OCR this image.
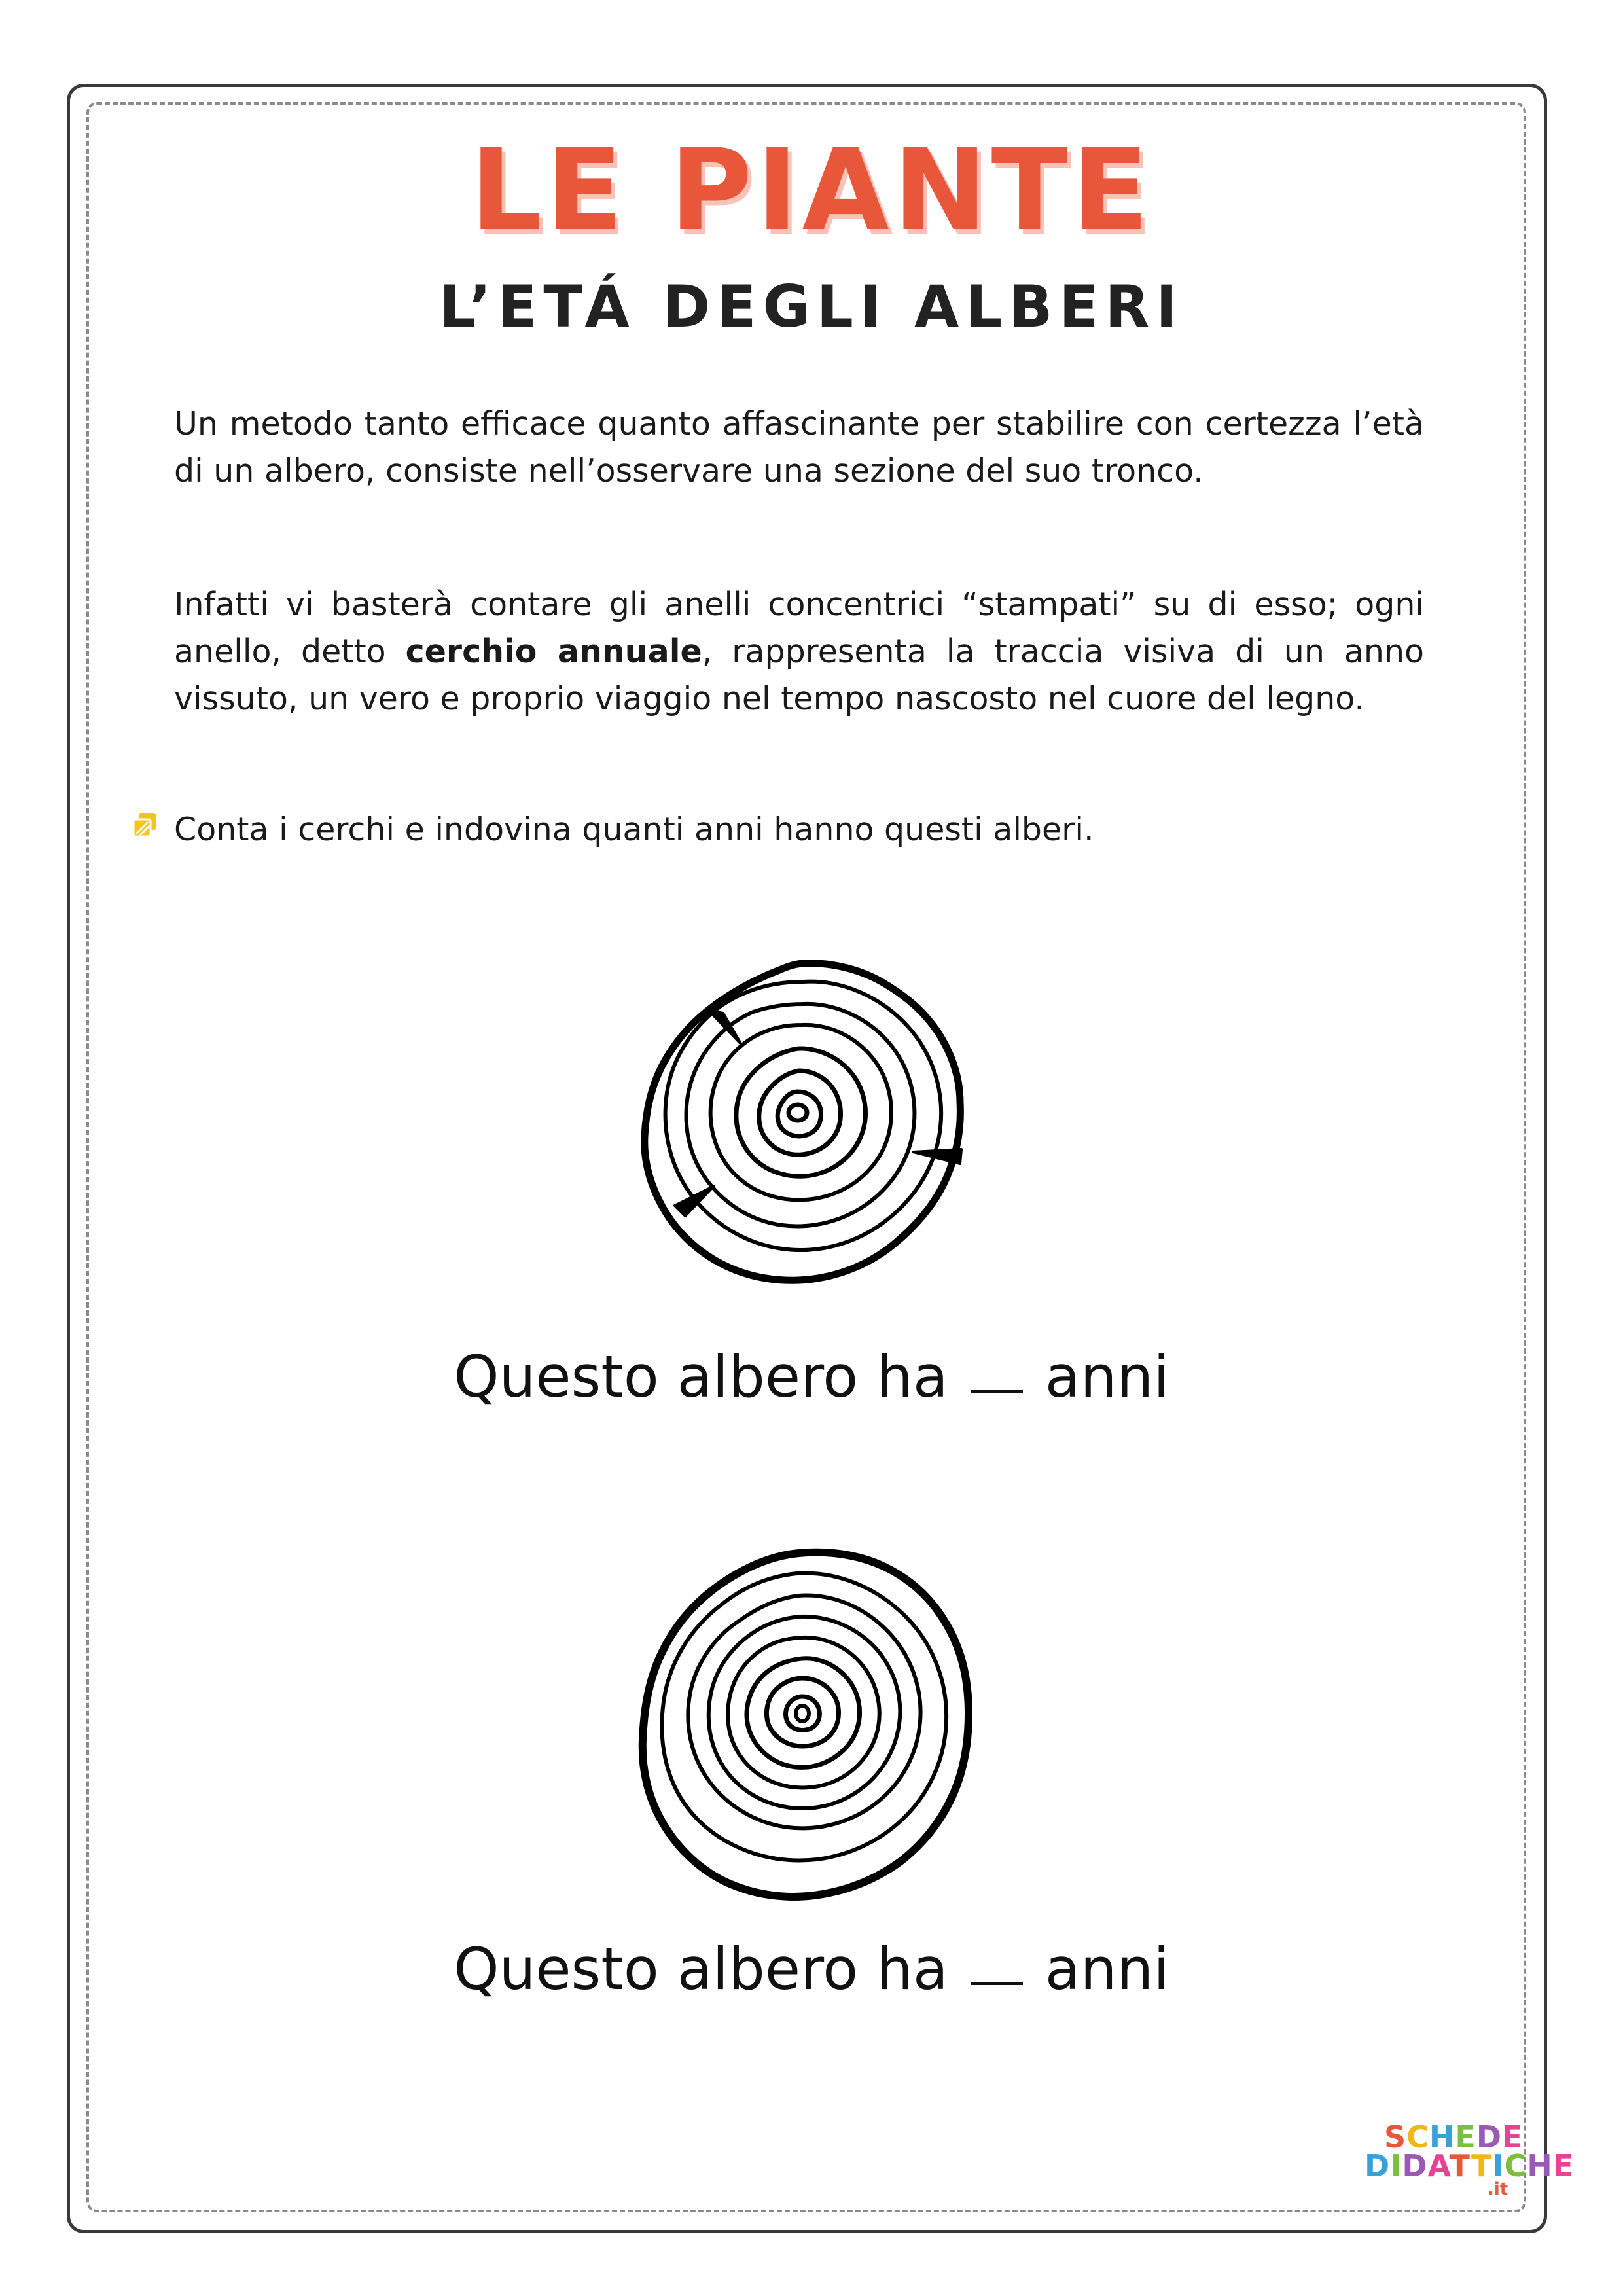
LE PIANTE
L’ETÁ DEGLI ALBERI

Un metodo tanto efficace quanto affascinante per stabilire con certezza l’età di un albero, consiste nell’osservare una sezione del suo tronco.

Infatti vi basterà contare gli anelli concentrici “stampati” su di esso; ogni anello, detto cerchio annuale, rappresenta la traccia visiva di un anno vissuto, un vero e proprio viaggio nel tempo nascosto nel cuore del legno.

Conta i cerchi e indovina quanti anni hanno questi alberi.
Questo albero ha anni
Questo albero ha anni
SCHEDE
DIDATTICHE
.it
